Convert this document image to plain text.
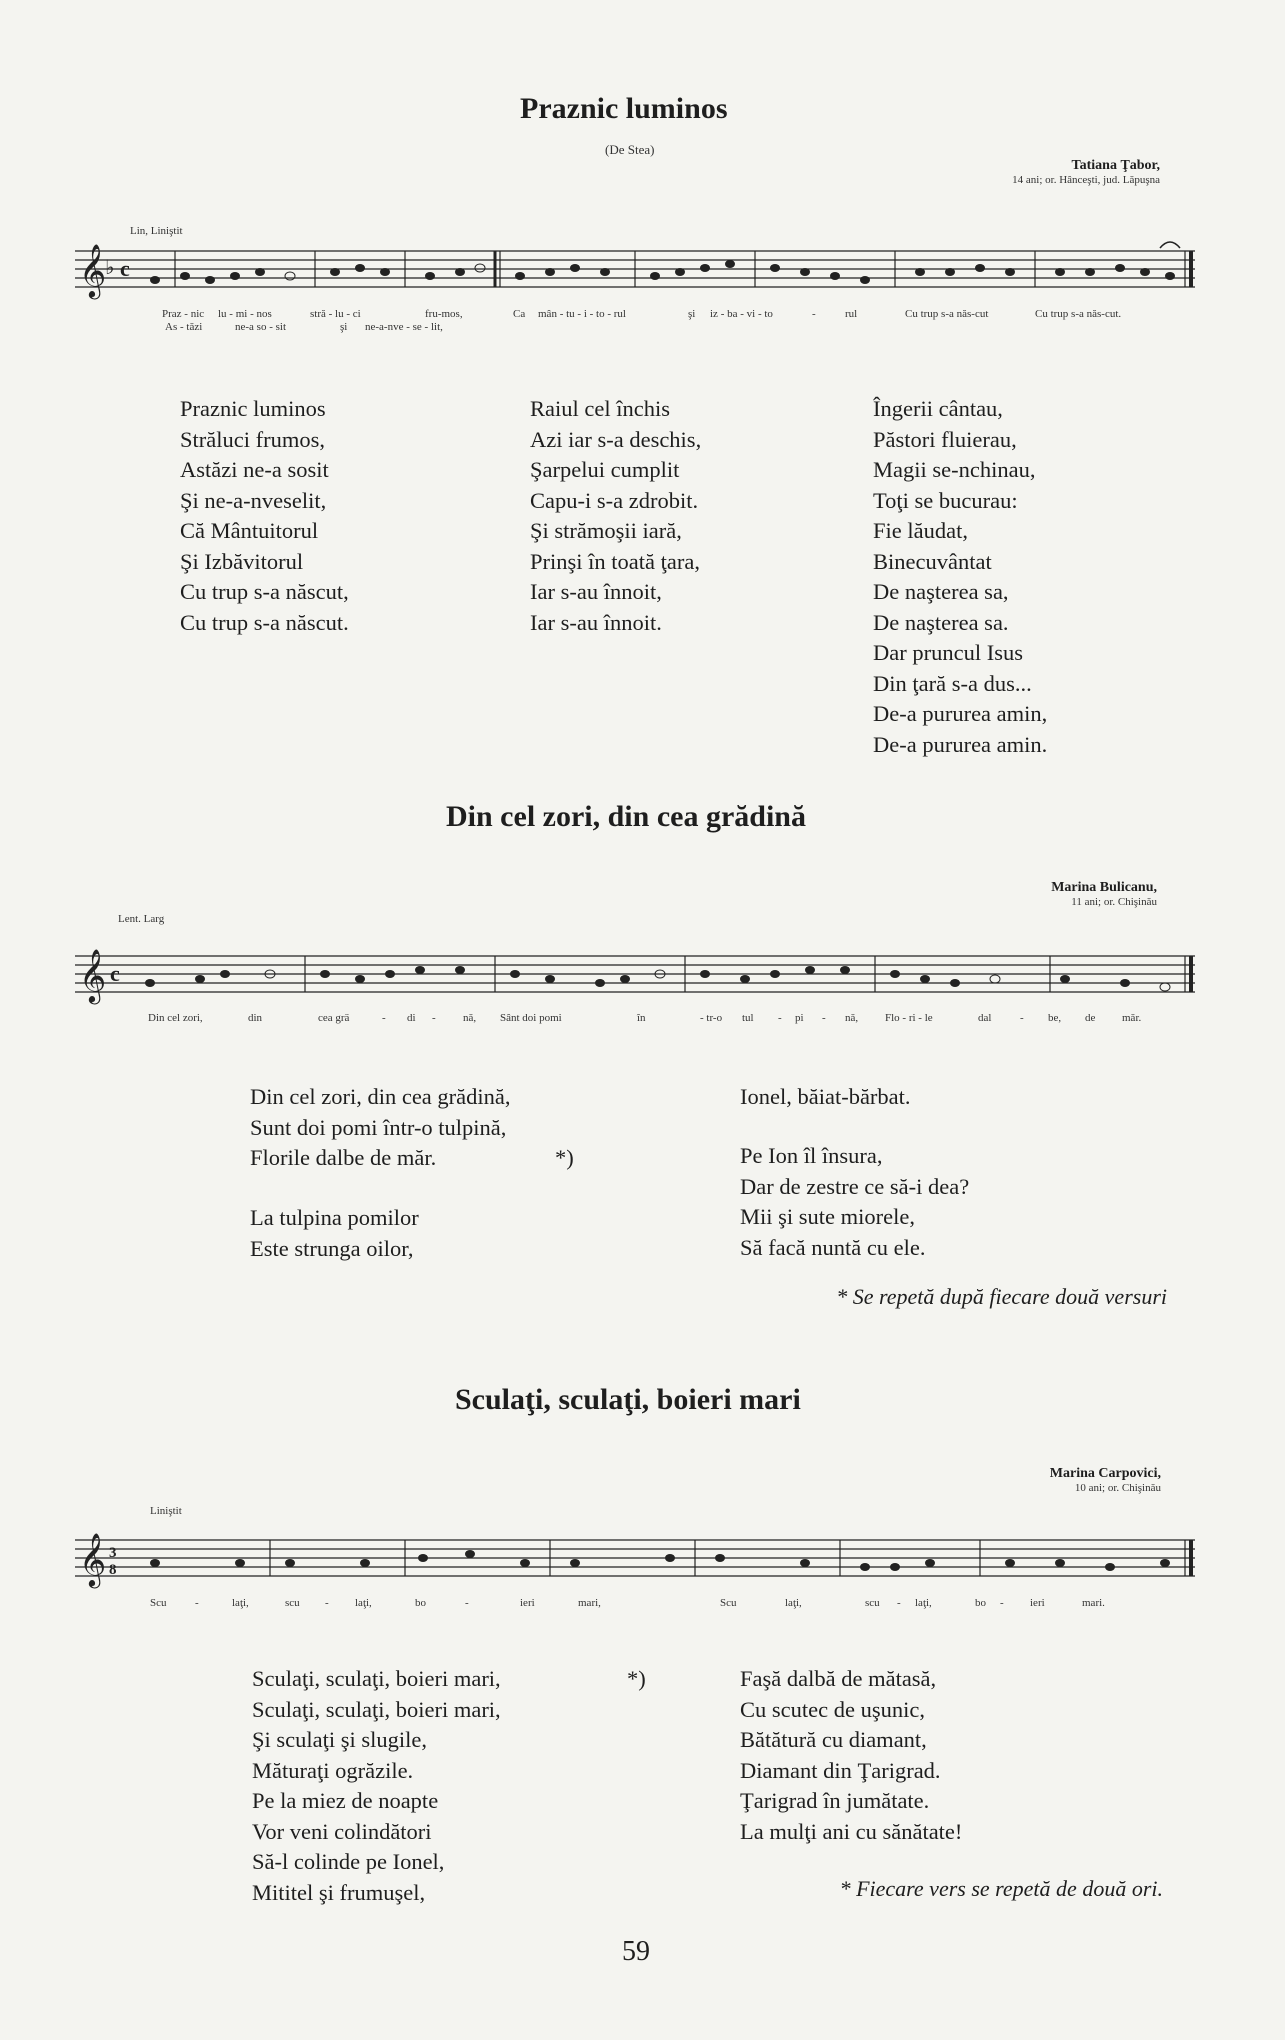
Praznic luminos
(De Stea)
Tatiana Ţabor,
14 ani; or. Hânceşti, jud. Lăpuşna
Lin, Liniştit
𝄞
♭ c
Praz - nic lu - mi - nos	stră - lu - ci	fru-mos,	Ca mân - tu - i - to - rul	şi iz - ba - vi - to	-	rul	Cu trup s-a năs-cut	Cu trup s-a năs-cut.
As - tăzi	ne-a so - sit	şi ne-a-nve - se - lit,
Praznic luminos
Străluci frumos,
Astăzi ne-a sosit
Şi ne-a-nveselit,
Că Mântuitorul
Şi Izbăvitorul
Cu trup s-a născut,
Cu trup s-a născut.
Raiul cel închis
Azi iar s-a deschis,
Şarpelui cumplit
Capu-i s-a zdrobit.
Şi strămoşii iară,
Prinşi în toată ţara,
Iar s-au înnoit,
Iar s-au înnoit.
Îngerii cântau,
Păstori fluierau,
Magii se-nchinau,
Toţi se bucurau:
Fie lăudat,
Binecuvântat
De naşterea sa,
De naşterea sa.
Dar pruncul Isus
Din ţară s-a dus...
De-a pururea amin,
De-a pururea amin.
Din cel zori, din cea grădină
Marina Bulicanu,
11 ani; or. Chişinău
Lent. Larg
𝄞 c
Din cel zori,	din	cea grä	- di - nă, Sânt doi pomi	în	- tr-o tul - pi - nă, Flo - ri - le	dal	- be, de măr.
Din cel zori, din cea grădină,
Sunt doi pomi într-o tulpină,
Florile dalbe de măr.	*)
La tulpina pomilor
Este strunga oilor,
Ionel, băiat-bărbat.
Pe Ion îl însura,
Dar de zestre ce să-i dea?
Mii şi sute miorele,
Să facă nuntă cu ele.
* Se repetă după fiecare două versuri
Sculaţi, sculaţi, boieri mari
Marina Carpovici,
10 ani; or. Chişinău
Liniştit
𝄞 3
8
Scu	-	laţi,	scu - laţi,	bo	-	ieri	mari,	Scu	laţi,	scu - laţi,	bo - ieri	mari.
Sculaţi, sculaţi, boieri mari,
Sculaţi, sculaţi, boieri mari,
Şi sculaţi şi slugile,
Măturaţi ogrăzile.
Pe la miez de noapte
Vor veni colindători
Să-l colinde pe Ionel,
Mititel şi frumuşel,
*)	Faşă dalbă de mătasă,
Cu scutec de uşunic,
Bătătură cu diamant,
Diamant din Ţarigrad.
Ţarigrad în jumătate.
La mulţi ani cu sănătate!
* Fiecare vers se repetă de două ori.
59
